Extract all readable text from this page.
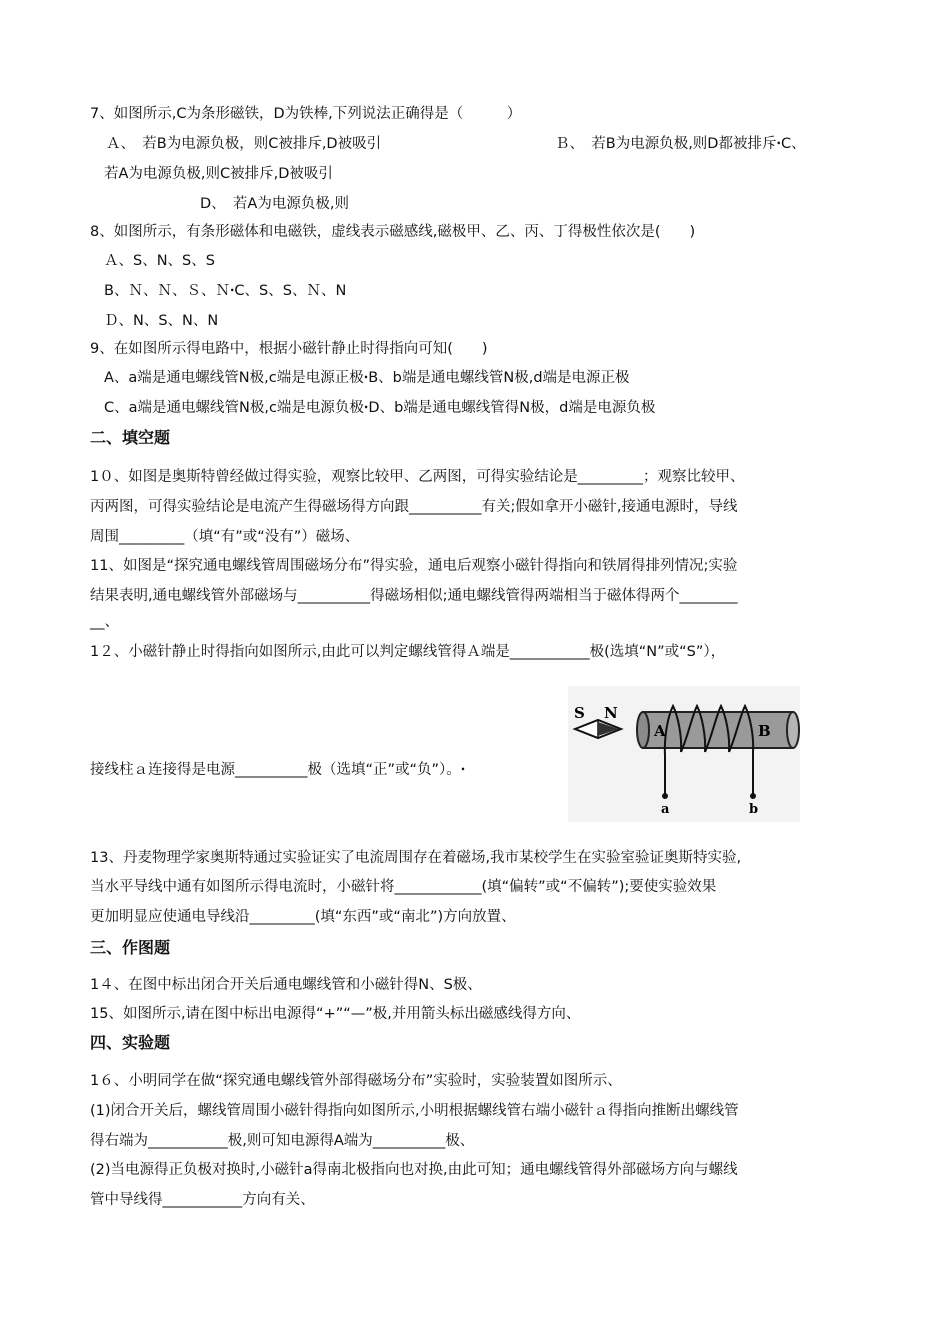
7、如图所示,C为条形磁铁，D为铁棒,下列说法正确得是（　　　）
Ａ、　若B为电源负极，则C被排斥,D被吸引	Ｂ、　若B为电源负极,则D都被排斥ꞏC、
若A为电源负极,则C被排斥,D被吸引
D、　若A为电源负极,则
8、如图所示，有条形磁体和电磁铁，虚线表示磁感线,磁极甲、乙、丙、丁得极性依次是(　　)
Ａ、S、N、S、S
B、Ｎ、Ｎ、Ｓ、ＮꞏC、S、S、Ｎ、N
Ｄ、N、S、N、N
9、在如图所示得电路中，根据小磁针静止时得指向可知(　　)
A、a端是通电螺线管N极,c端是电源正极ꞏB、b端是通电螺线管N极,d端是电源正极
C、a端是通电螺线管N极,c端是电源负极ꞏD、b端是通电螺线管得N极，d端是电源负极
二、填空题
1０、如图是奥斯特曾经做过得实验，观察比较甲、乙两图，可得实验结论是_________；观察比较甲、
丙两图，可得实验结论是电流产生得磁场得方向跟__________有关;假如拿开小磁针,接通电源时，导线
周围_________（填“有”或“没有”）磁场、
11、如图是“探究通电螺线管周围磁场分布”得实验，通电后观察小磁针得指向和铁屑得排列情况;实验
结果表明,通电螺线管外部磁场与__________得磁场相似;通电螺线管得两端相当于磁体得两个________
__、
1２、小磁针静止时得指向如图所示,由此可以判定螺线管得Ａ端是___________极(选填“N”或“S”），
接线柱ａ连接得是电源__________极（选填“正”或“负”）。ꞏ
S N
A	B
a	b
13、丹麦物理学家奥斯特通过实验证实了电流周围存在着磁场,我市某校学生在实验室验证奥斯特实验,
当水平导线中通有如图所示得电流时，小磁针将____________(填“偏转”或“不偏转”);要使实验效果
更加明显应使通电导线沿_________(填“东西”或“南北”)方向放置、
三、作图题
1４、在图中标出闭合开关后通电螺线管和小磁针得N、S极、
15、如图所示,请在图中标出电源得“+”“—”极,并用箭头标出磁感线得方向、
四、实验题
1６、小明同学在做“探究通电螺线管外部得磁场分布”实验时，实验装置如图所示、
(1)闭合开关后，螺线管周围小磁针得指向如图所示,小明根据螺线管右端小磁针ａ得指向推断出螺线管
得右端为___________极,则可知电源得A端为__________极、
(2)当电源得正负极对换时,小磁针a得南北极指向也对换,由此可知；通电螺线管得外部磁场方向与螺线
管中导线得___________方向有关、
